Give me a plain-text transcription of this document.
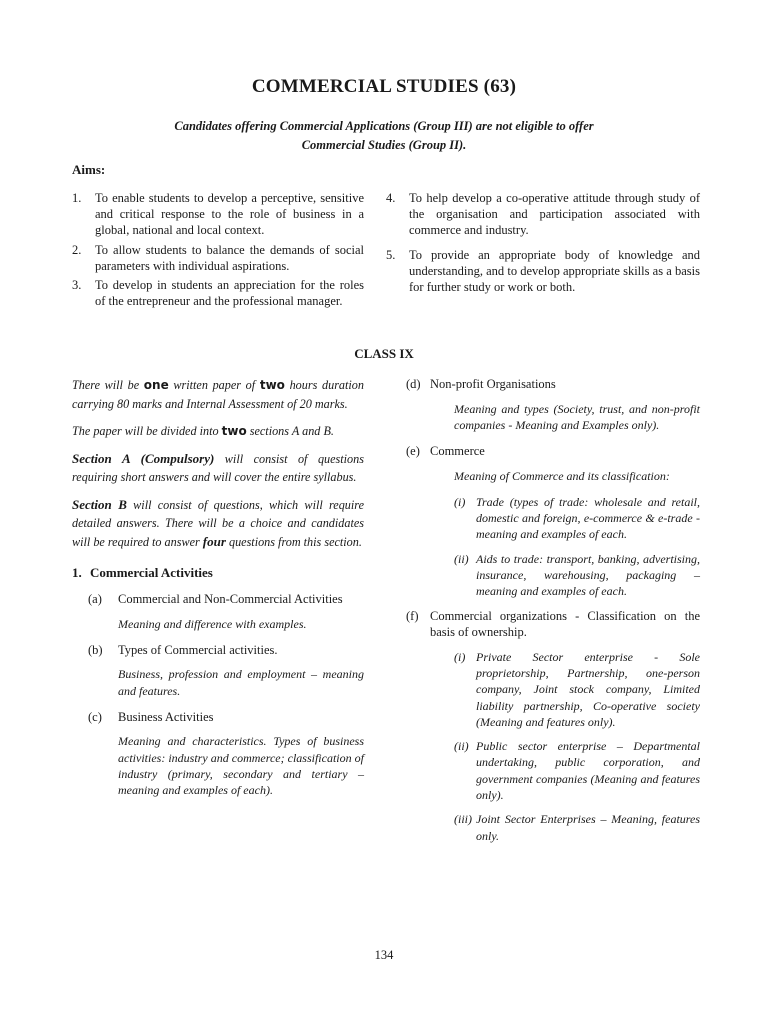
COMMERCIAL STUDIES (63)
Candidates offering Commercial Applications (Group III) are not eligible to offer
Commercial Studies (Group II).
Aims:
1.	To enable students to develop a perceptive, sensitive and critical response to the role of business in a global, national and local context.
2.	To allow students to balance the demands of social parameters with individual aspirations.
3.	To develop in students an appreciation for the roles of the entrepreneur and the professional manager.
4.	To help develop a co-operative attitude through study of the organisation and participation associated with commerce and industry.
5.	To provide an appropriate body of knowledge and understanding, and to develop appropriate skills as a basis for further study or work or both.
CLASS IX

There will be one written paper of two hours duration carrying 80 marks and Internal Assessment of 20 marks.

The paper will be divided into two sections A and B.

Section A (Compulsory) will consist of questions requiring short answers and will cover the entire syllabus.

Section B will consist of questions, which will require detailed answers. There will be a choice and candidates will be required to answer four questions from this section.

1. Commercial Activities
(a)	Commercial and Non-Commercial Activities
Meaning and difference with examples.
(b)	Types of Commercial activities.
Business, profession and employment – meaning and features.
(c)	Business Activities
Meaning and characteristics. Types of business activities: industry and commerce; classification of industry (primary, secondary and tertiary – meaning and examples of each).
(d) Non-profit Organisations
Meaning and types (Society, trust, and non-profit companies - Meaning and Examples only).
(e) Commerce
Meaning of Commerce and its classification:
(i) Trade (types of trade: wholesale and retail, domestic and foreign, e-commerce & e-trade - meaning and examples of each.
(ii) Aids to trade: transport, banking, advertising, insurance, warehousing, packaging – meaning and examples of each.
(f) Commercial organizations - Classification on the basis of ownership.
(i) Private Sector enterprise - Sole proprietorship, Partnership, one-person company, Joint stock company, Limited liability partnership, Co-operative society (Meaning and features only).
(ii) Public sector enterprise – Departmental undertaking, public corporation, and government companies (Meaning and features only).
(iii) Joint Sector Enterprises – Meaning, features only.
134
